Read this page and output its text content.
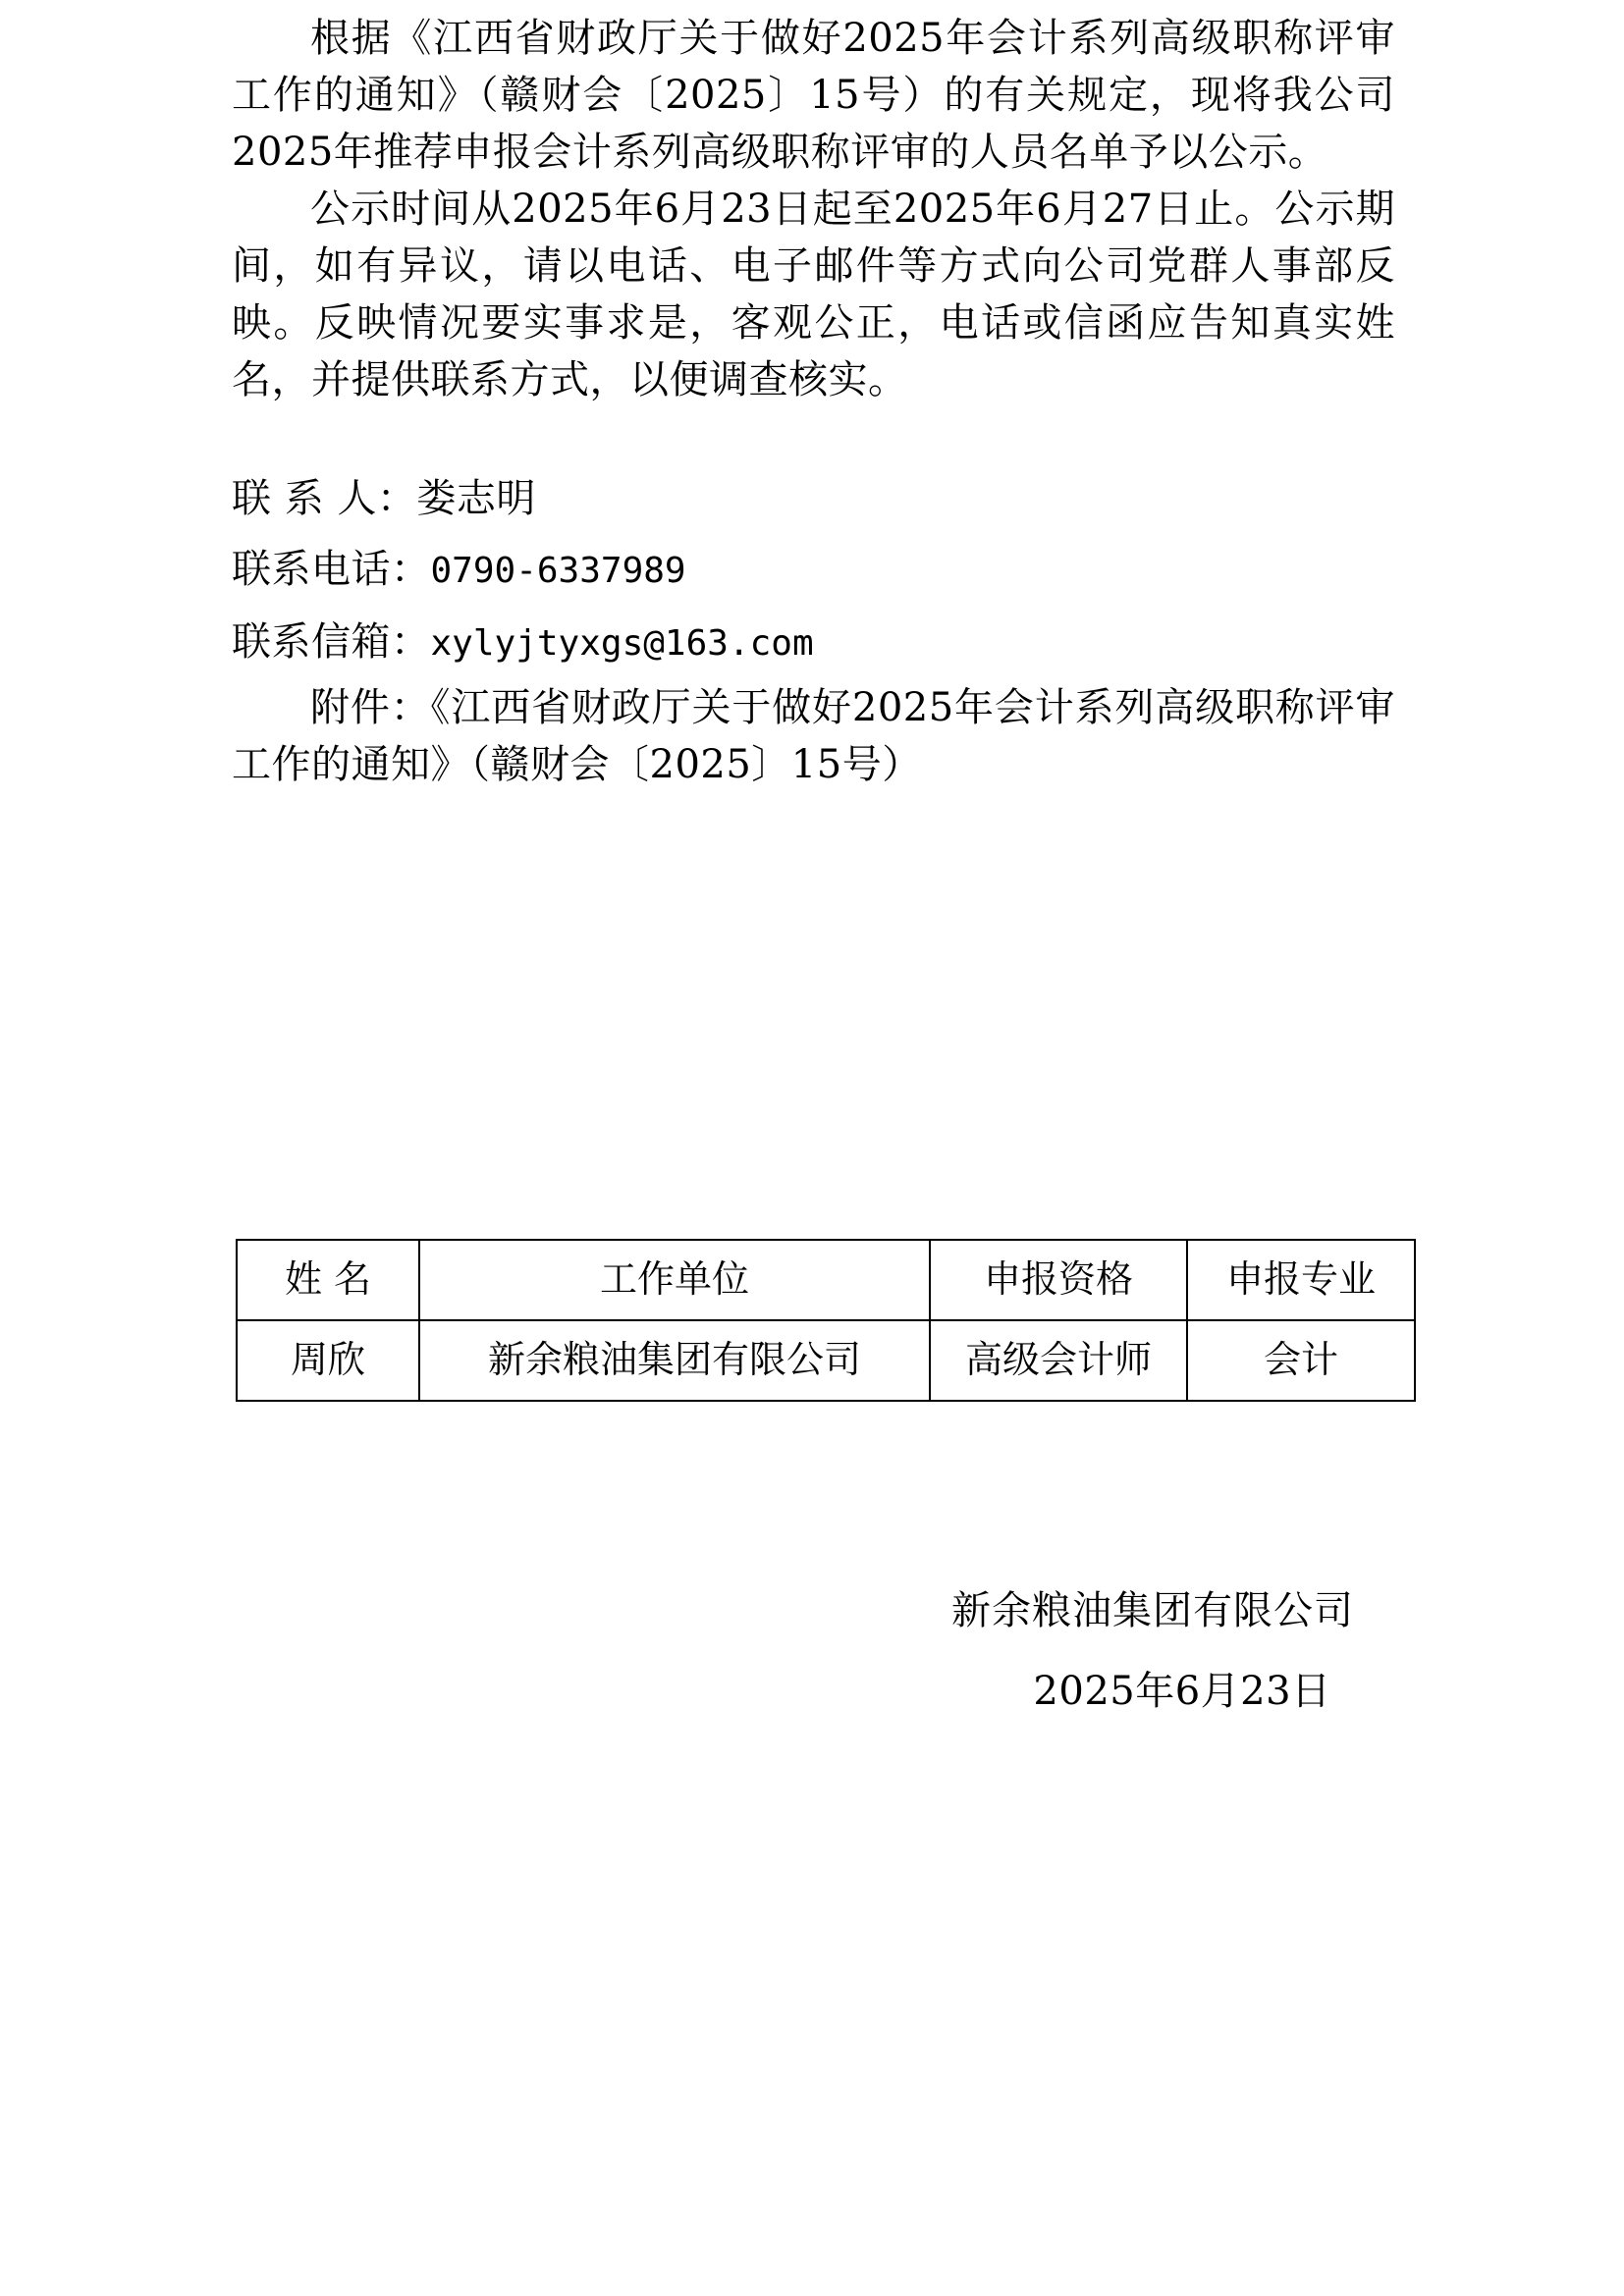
根据《江西省财政厅关于做好2025年会计系列高级职称评审工作的通知》（赣财会〔2025〕15号）的有关规定，现将我公司2025年推荐申报会计系列高级职称评审的人员名单予以公示。

公示时间从2025年6月23日起至2025年6月27日止。公示期间，如有异议，请以电话、电子邮件等方式向公司党群人事部反映。反映情况要实事求是，客观公正，电话或信函应告知真实姓名，并提供联系方式，以便调查核实。

联 系 人：娄志明

联系电话：0790-6337989

联系信箱：xylyjtyxgs@163.com

附件：《江西省财政厅关于做好2025年会计系列高级职称评审工作的通知》（赣财会〔2025〕15号）

姓 名	工作单位	申报资格	申报专业
周欣	新余粮油集团有限公司	高级会计师	会计
新余粮油集团有限公司
2025年6月23日
